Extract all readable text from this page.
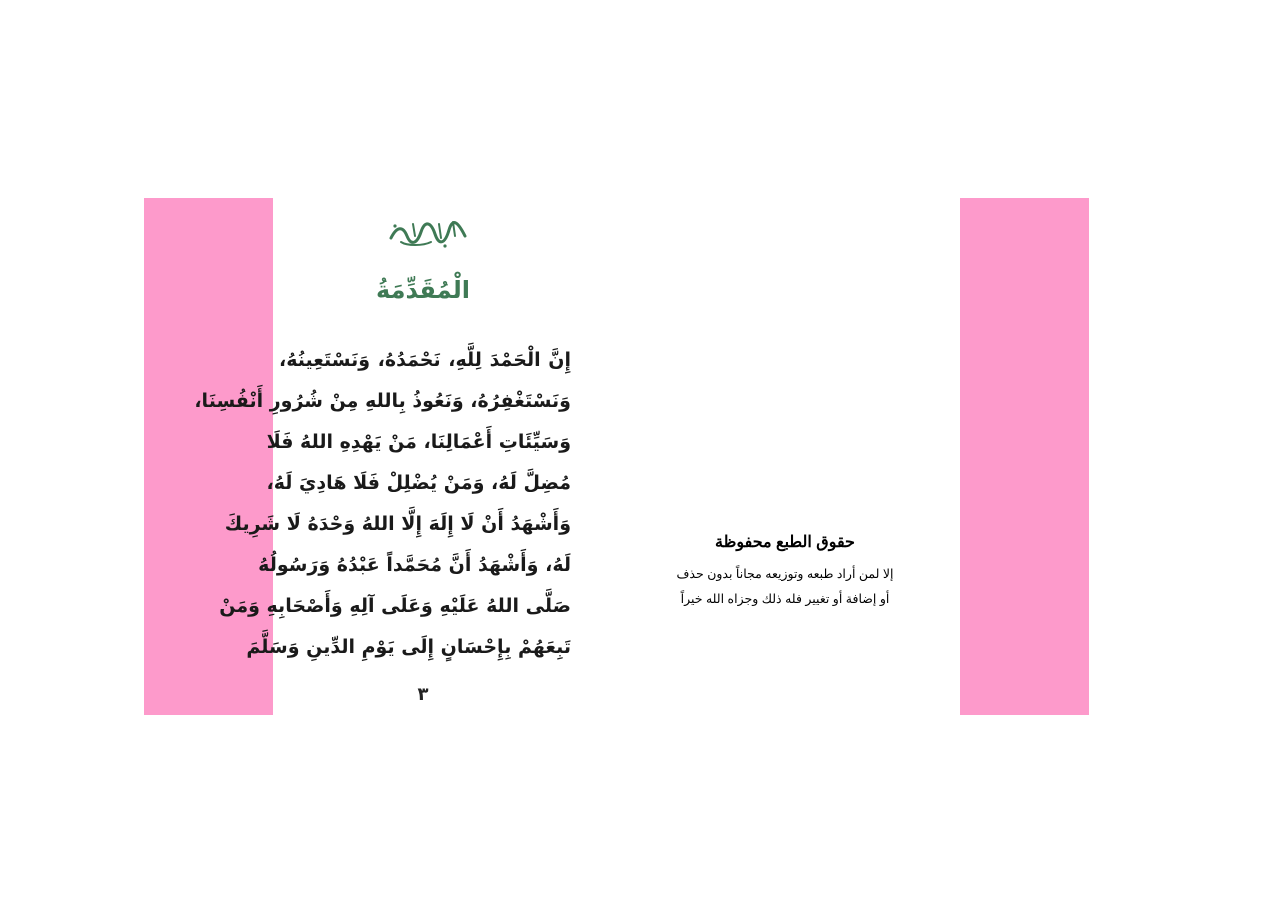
الْمُقَدِّمَةُ
إِنَّ الْحَمْدَ لِلَّهِ، نَحْمَدُهُ، وَنَسْتَعِينُهُ،
وَنَسْتَغْفِرُهُ، وَنَعُوذُ بِاللهِ مِنْ شُرُورِ أَنْفُسِنَا،
وَسَيِّئَاتِ أَعْمَالِنَا، مَنْ يَهْدِهِ اللهُ فَلَا
مُضِلَّ لَهُ، وَمَنْ يُضْلِلْ فَلَا هَادِيَ لَهُ،
وَأَشْهَدُ أَنْ لَا إِلَهَ إِلَّا اللهُ وَحْدَهُ لَا شَرِيكَ
لَهُ، وَأَشْهَدُ أَنَّ مُحَمَّداً عَبْدُهُ وَرَسُولُهُ
صَلَّى اللهُ عَلَيْهِ وَعَلَى آلِهِ وَأَصْحَابِهِ وَمَنْ
تَبِعَهُمْ بِإِحْسَانٍ إِلَى يَوْمِ الدِّينِ وَسَلَّمَ
٣
حقوق الطبع محفوظة
إلا لمن أراد طبعه وتوزيعه مجاناً بدون حذف
أو إضافة أو تغيير فله ذلك وجزاه الله خيراً
